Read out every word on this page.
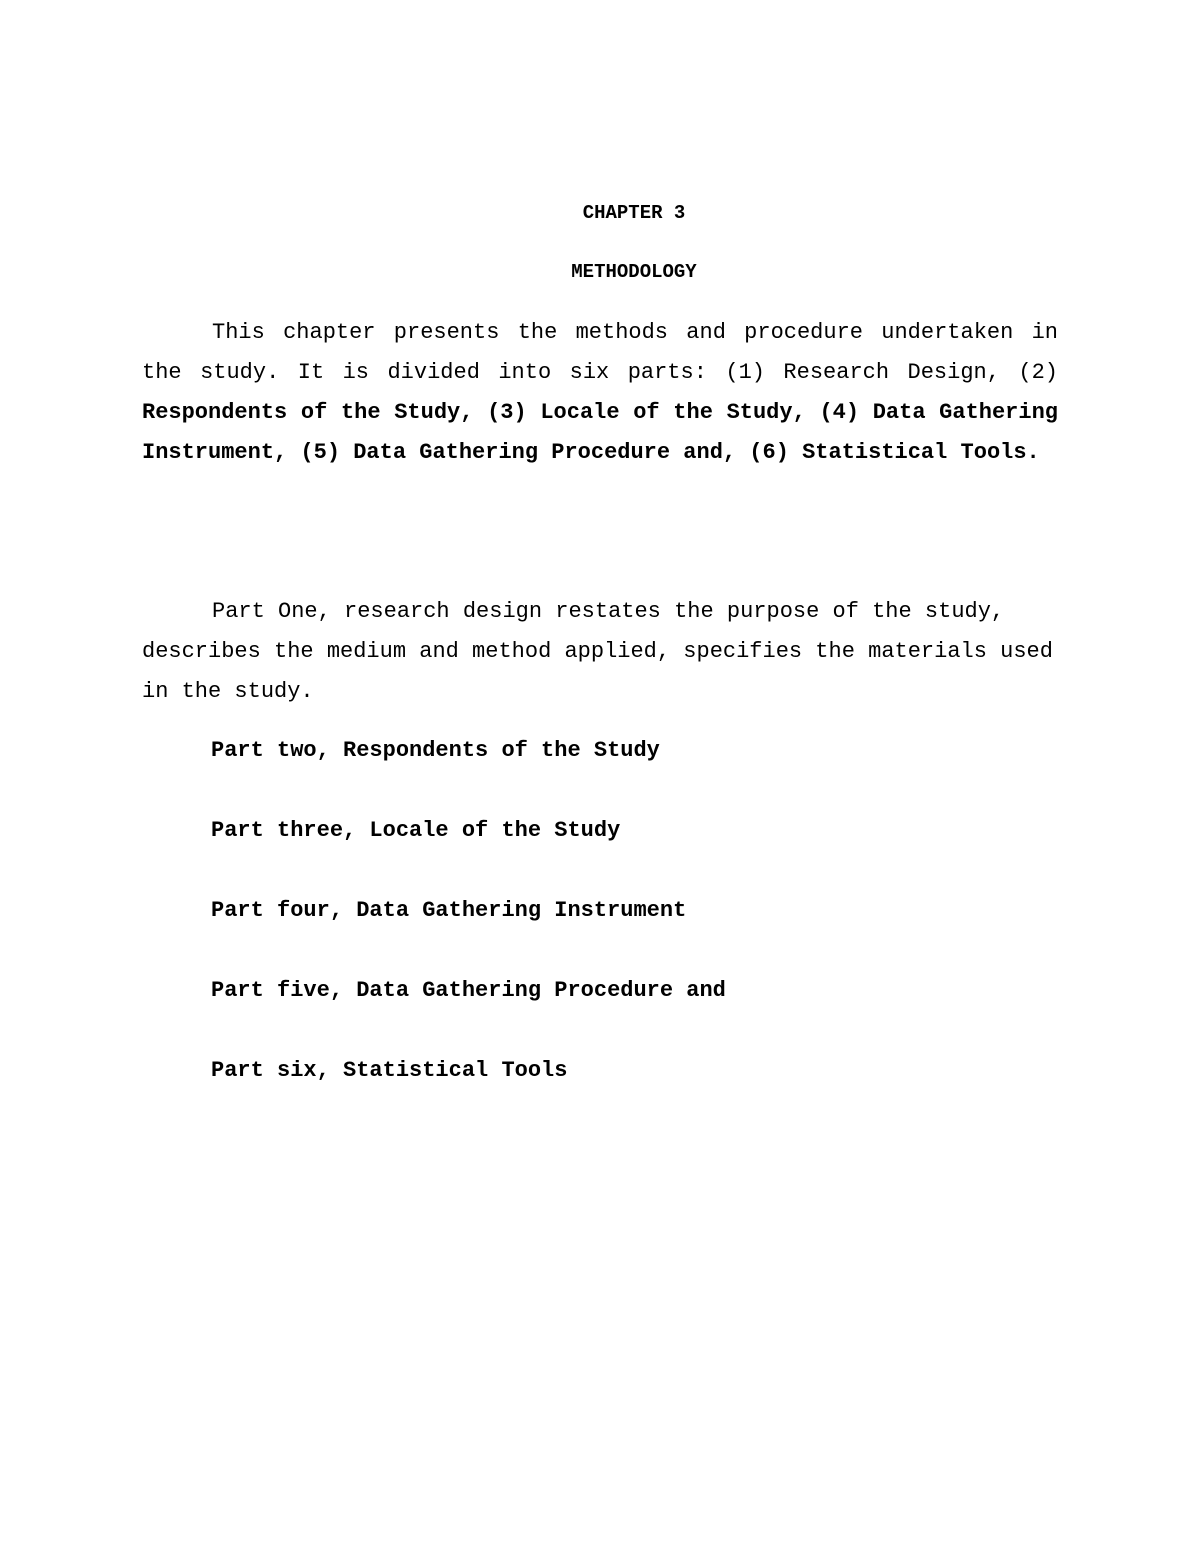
CHAPTER 3
METHODOLOGY

This chapter presents the methods and procedure undertaken in the study. It is divided into six parts: (1) Research Design, (2) Respondents of the Study, (3) Locale of the Study, (4) Data Gathering Instrument, (5) Data Gathering Procedure and, (6) Statistical Tools.

Part One, research design restates the purpose of the study, describes the medium and method applied, specifies the materials used in the study.

Part two, Respondents of the Study
Part three, Locale of the Study
Part four, Data Gathering Instrument
Part five, Data Gathering Procedure and
Part six, Statistical Tools
